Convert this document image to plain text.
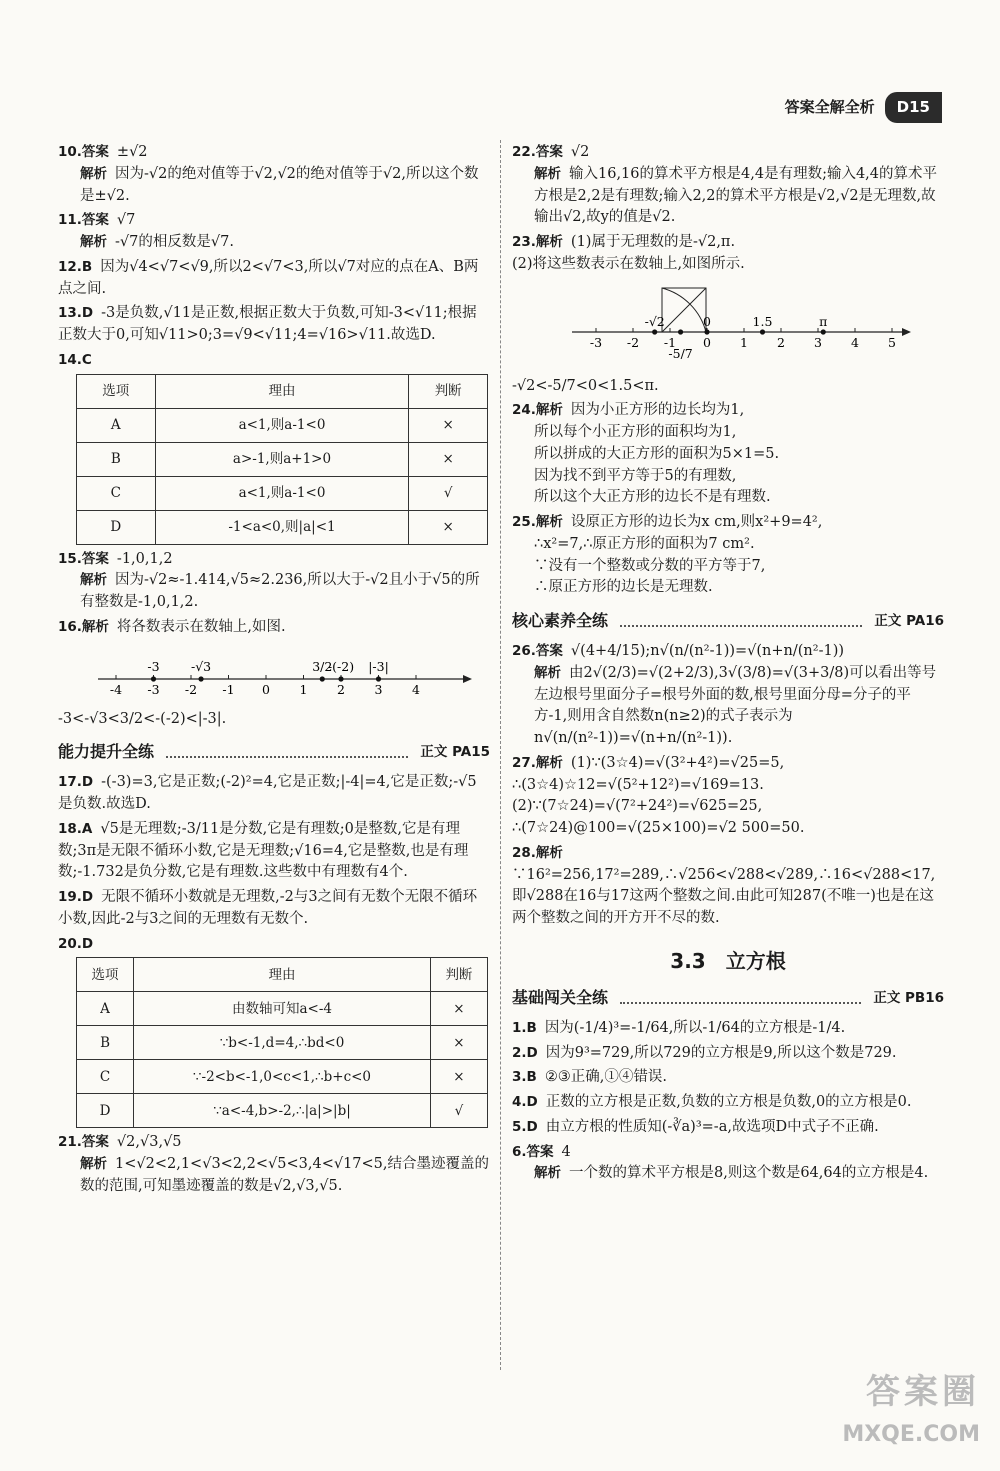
答案全解全析	D15
10.答案 ±√2
解析 因为-√2的绝对值等于√2,√2的绝对值等于√2,所以这个数是±√2.
11.答案 √7
解析 -√7的相反数是√7.
12.B 因为√4<√7<√9,所以2<√7<3,所以√7对应的点在A、B两点之间.
13.D -3是负数,√11是正数,根据正数大于负数,可知-3<√11;根据正数大于0,可知√11>0;3=√9<√11;4=√16>√11.故选D.
14.C
选项	理由	判断
A	a<1,则a-1<0	×
B	a>-1,则a+1>0	×
C	a<1,则a-1<0	√
D	-1<a<0,则|a|<1	×
15.答案 -1,0,1,2
解析 因为-√2≈-1.414,√5≈2.236,所以大于-√2且小于√5的所有整数是-1,0,1,2.
16.解析 将各数表示在数轴上,如图.
-4 -3 -2 -1 0 1 2 3 4
-3	-√3	3/2
-(-2) |-3|
-3<-√3<3/2<-(-2)<|-3|.
能力提升全练	正文 PA15
17.D -(-3)=3,它是正数;(-2)²=4,它是正数;|-4|=4,它是正数;-√5是负数.故选D.
18.A √5是无理数;-3/11是分数,它是有理数;0是整数,它是有理数;3π是无限不循环小数,它是无理数;√16=4,它是整数,也是有理数;-1.732是负分数,它是有理数.这些数中有理数有4个.
19.D 无限不循环小数就是无理数,-2与3之间有无数个无限不循环小数,因此-2与3之间的无理数有无数个.
20.D
选项	理由	判断
A	由数轴可知a<-4	×
B	∵b<-1,d=4,∴bd<0	×
C	∵-2<b<-1,0<c<1,∴b+c<0	×
D	∵a<-4,b>-2,∴|a|>|b|	√
21.答案 √2,√3,√5
解析 1<√2<2,1<√3<2,2<√5<3,4<√17<5,结合墨迹覆盖的数的范围,可知墨迹覆盖的数是√2,√3,√5.
22.答案 √2
解析 输入16,16的算术平方根是4,4是有理数;输入4,4的算术平方根是2,2是有理数;输入2,2的算术平方根是√2,√2是无理数,故输出√2,故y的值是√2.
23.解析 (1)属于无理数的是-√2,π.
(2)将这些数表示在数轴上,如图所示.
-3 -2 -1 0 1 2 3 4 5
-√2
-5/7
0	1.5	π
-√2<-5/7<0<1.5<π.
24.解析 因为小正方形的边长均为1,
所以每个小正方形的面积均为1,
所以拼成的大正方形的面积为5×1=5.
因为找不到平方等于5的有理数,
所以这个大正方形的边长不是有理数.
25.解析 设原正方形的边长为x cm,则x²+9=4²,
∴x²=7,∴原正方形的面积为7 cm².
∵没有一个整数或分数的平方等于7,
∴原正方形的边长是无理数.
核心素养全练	正文 PA16
26.答案 √(4+4/15);n√(n/(n²-1))=√(n+n/(n²-1))
解析 由2√(2/3)=√(2+2/3),3√(3/8)=√(3+3/8)可以看出等号左边根号里面分子=根号外面的数,根号里面分母=分子的平方-1,则用含自然数n(n≥2)的式子表示为n√(n/(n²-1))=√(n+n/(n²-1)).
27.解析 (1)∵(3☆4)=√(3²+4²)=√25=5,
∴(3☆4)☆12=√(5²+12²)=√169=13.
(2)∵(7☆24)=√(7²+24²)=√625=25,
∴(7☆24)@100=√(25×100)=√2 500=50.
28.解析∵16²=256,17²=289,∴√256<√288<√289,∴16<√288<17,即√288在16与17这两个整数之间.由此可知287(不唯一)也是在这两个整数之间的开方开不尽的数.
3.3 立方根
基础闯关全练	正文 PB16
1.B 因为(-1/4)³=-1/64,所以-1/64的立方根是-1/4.
2.D 因为9³=729,所以729的立方根是9,所以这个数是729.
3.B ②③正确,①④错误.
4.D 正数的立方根是正数,负数的立方根是负数,0的立方根是0.
5.D 由立方根的性质知(-∛a)³=-a,故选项D中式子不正确.
6.答案 4
解析 一个数的算术平方根是8,则这个数是64,64的立方根是4.
答案圈
MXQE.COM
